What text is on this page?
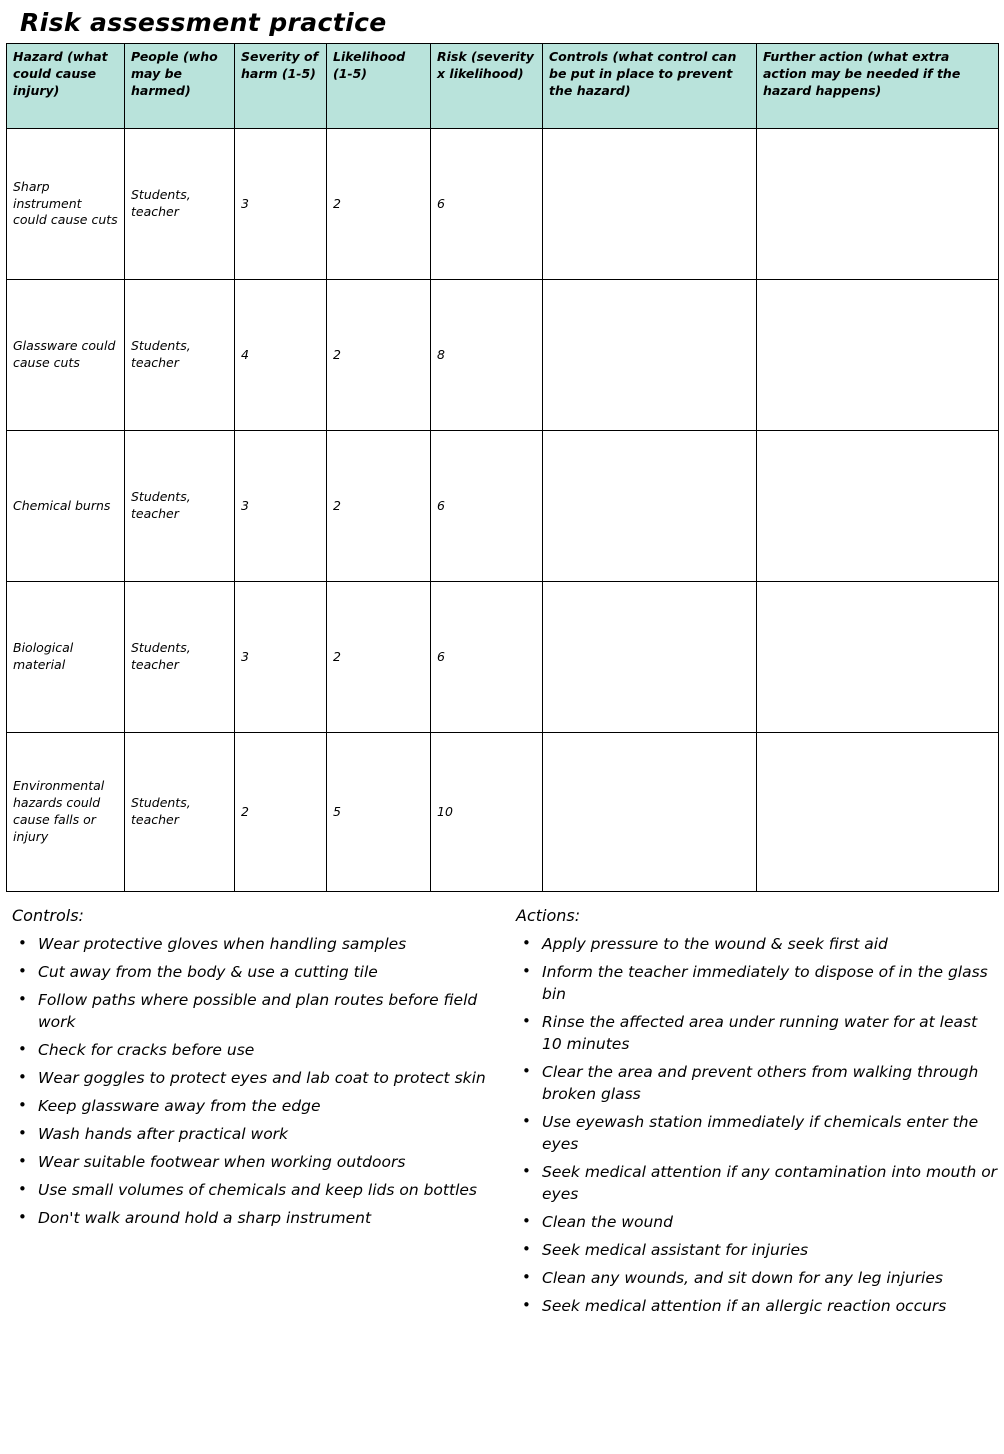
Risk assessment practice
Hazard (what could cause injury)	People (who may be harmed)	Severity of harm (1-5)	Likelihood (1-5)	Risk (severity x likelihood)	Controls (what control can be put in place to prevent the hazard)	Further action (what extra action may be needed if the hazard happens)
Sharp instrument could cause cuts	Students, teacher	3	2	6		
Glassware could cause cuts	Students, teacher	4	2	8		
Chemical burns	Students, teacher	3	2	6		
Biological material	Students, teacher	3	2	6		
Environmental hazards could cause falls or injury	Students, teacher	2	5	10		
Controls:
• Wear protective gloves when handling samples
• Cut away from the body & use a cutting tile
• Follow paths where possible and plan routes before field work
• Check for cracks before use
• Wear goggles to protect eyes and lab coat to protect skin
• Keep glassware away from the edge
• Wash hands after practical work
• Wear suitable footwear when working outdoors
• Use small volumes of chemicals and keep lids on bottles
• Don't walk around hold a sharp instrument
Actions:
• Apply pressure to the wound & seek first aid
• Inform the teacher immediately to dispose of in the glass bin
• Rinse the affected area under running water for at least 10 minutes
• Clear the area and prevent others from walking through broken glass
• Use eyewash station immediately if chemicals enter the eyes
• Seek medical attention if any contamination into mouth or eyes
• Clean the wound
• Seek medical assistant for injuries
• Clean any wounds, and sit down for any leg injuries
• Seek medical attention if an allergic reaction occurs
